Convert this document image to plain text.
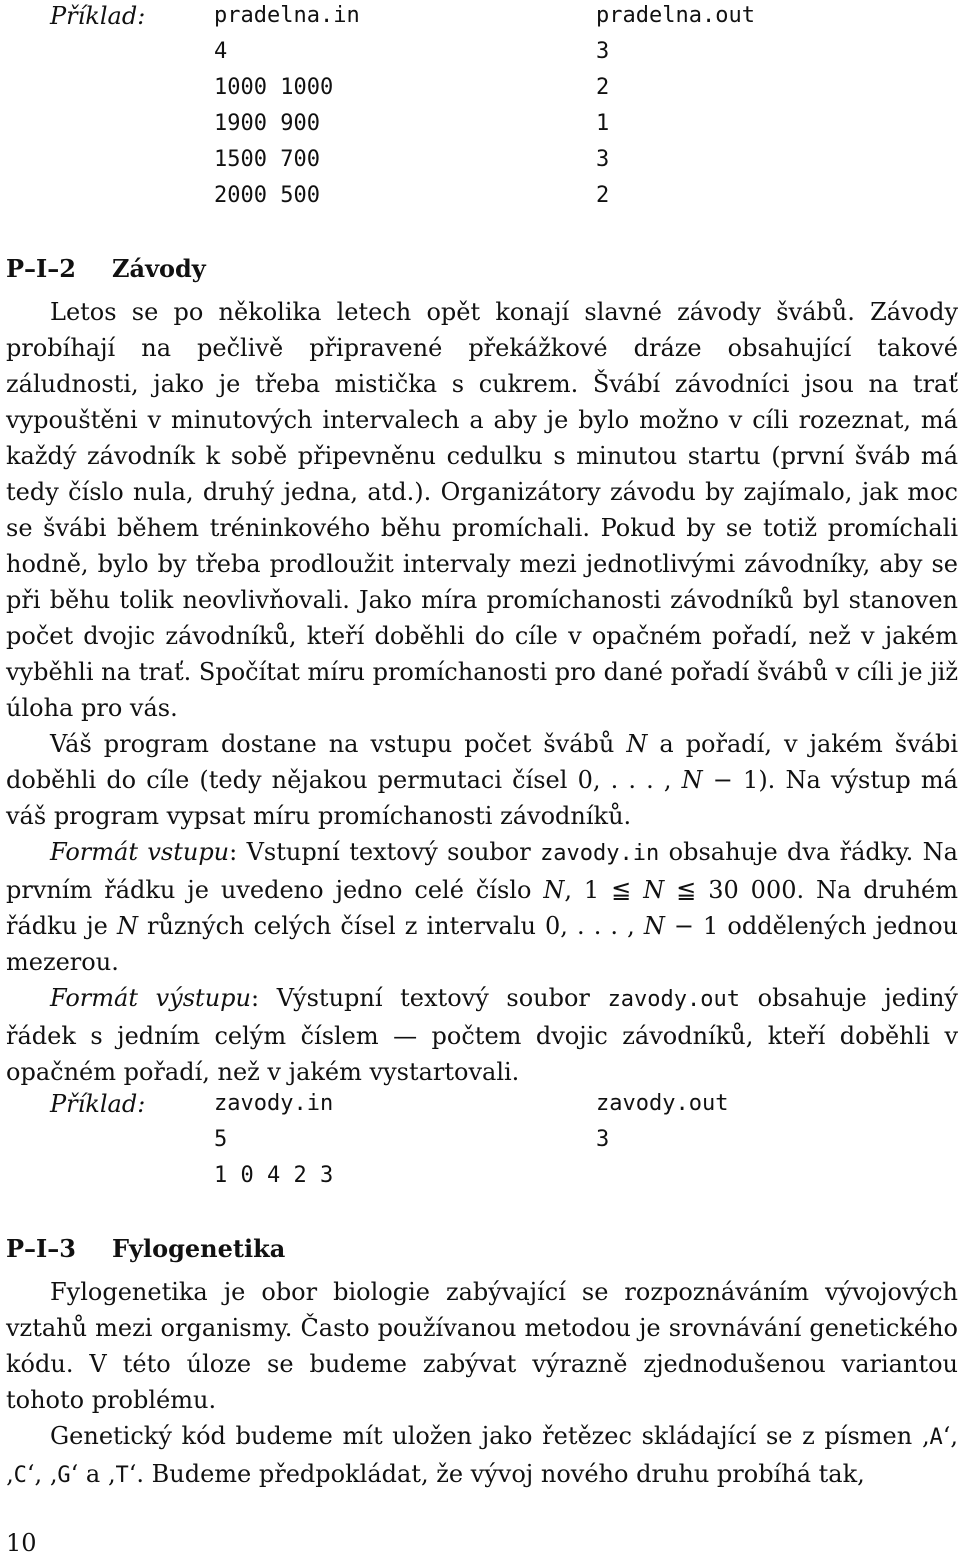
Příklad:	pradelna.in	pradelna.out
4	3
1000 1000	2
1900 900	1
1500 700	3
2000 500	2
P–I–2 Závody

Letos se po několika letech opět konají slavné závody švábů. Závody probíhají na pečlivě připravené překážkové dráze obsahující takové záludnosti, jako je třeba mistička s cukrem. Švábí závodníci jsou na trať vypouštěni v minutových intervalech a aby je bylo možno v cíli rozeznat, má každý závodník k sobě připevněnu cedulku s minutou startu (první šváb má tedy číslo nula, druhý jedna, atd.). Organizátory závodu by zajímalo, jak moc se švábi během tréninkového běhu promíchali. Pokud by se totiž promíchali hodně, bylo by třeba prodloužit intervaly mezi jednotlivými závodníky, aby se při běhu tolik neovlivňovali. Jako míra promíchanosti závodníků byl stanoven počet dvojic závodníků, kteří doběhli do cíle v opačném pořadí, než v jakém vyběhli na trať. Spočítat míru promíchanosti pro dané pořadí švábů v cíli je již úloha pro vás.

Váš program dostane na vstupu počet švábů N a pořadí, v jakém švábi doběhli do cíle (tedy nějakou permutaci čísel 0, . . . , N − 1). Na výstup má váš program vypsat míru promíchanosti závodníků.

Formát vstupu: Vstupní textový soubor zavody.in obsahuje dva řádky. Na prvním řádku je uvedeno jedno celé číslo N, 1 ≦ N ≦ 30 000. Na druhém řádku je N různých celých čísel z intervalu 0, . . . , N − 1 oddělených jednou mezerou.

Formát výstupu: Výstupní textový soubor zavody.out obsahuje jediný řádek s jedním celým číslem — počtem dvojic závodníků, kteří doběhli v opačném pořadí, než v jakém vystartovali.

Příklad:	zavody.in	zavody.out
5	3
1 0 4 2 3
P–I–3 Fylogenetika

Fylogenetika je obor biologie zabývající se rozpoznáváním vývojových vztahů mezi organismy. Často používanou metodou je srovnávání genetického kódu. V této úloze se budeme zabývat výrazně zjednodušenou variantou tohoto problému.

Genetický kód budeme mít uložen jako řetězec skládající se z písmen ‚A‘, ‚C‘, ‚G‘ a ‚T‘. Budeme předpokládat, že vývoj nového druhu probíhá tak,

10
